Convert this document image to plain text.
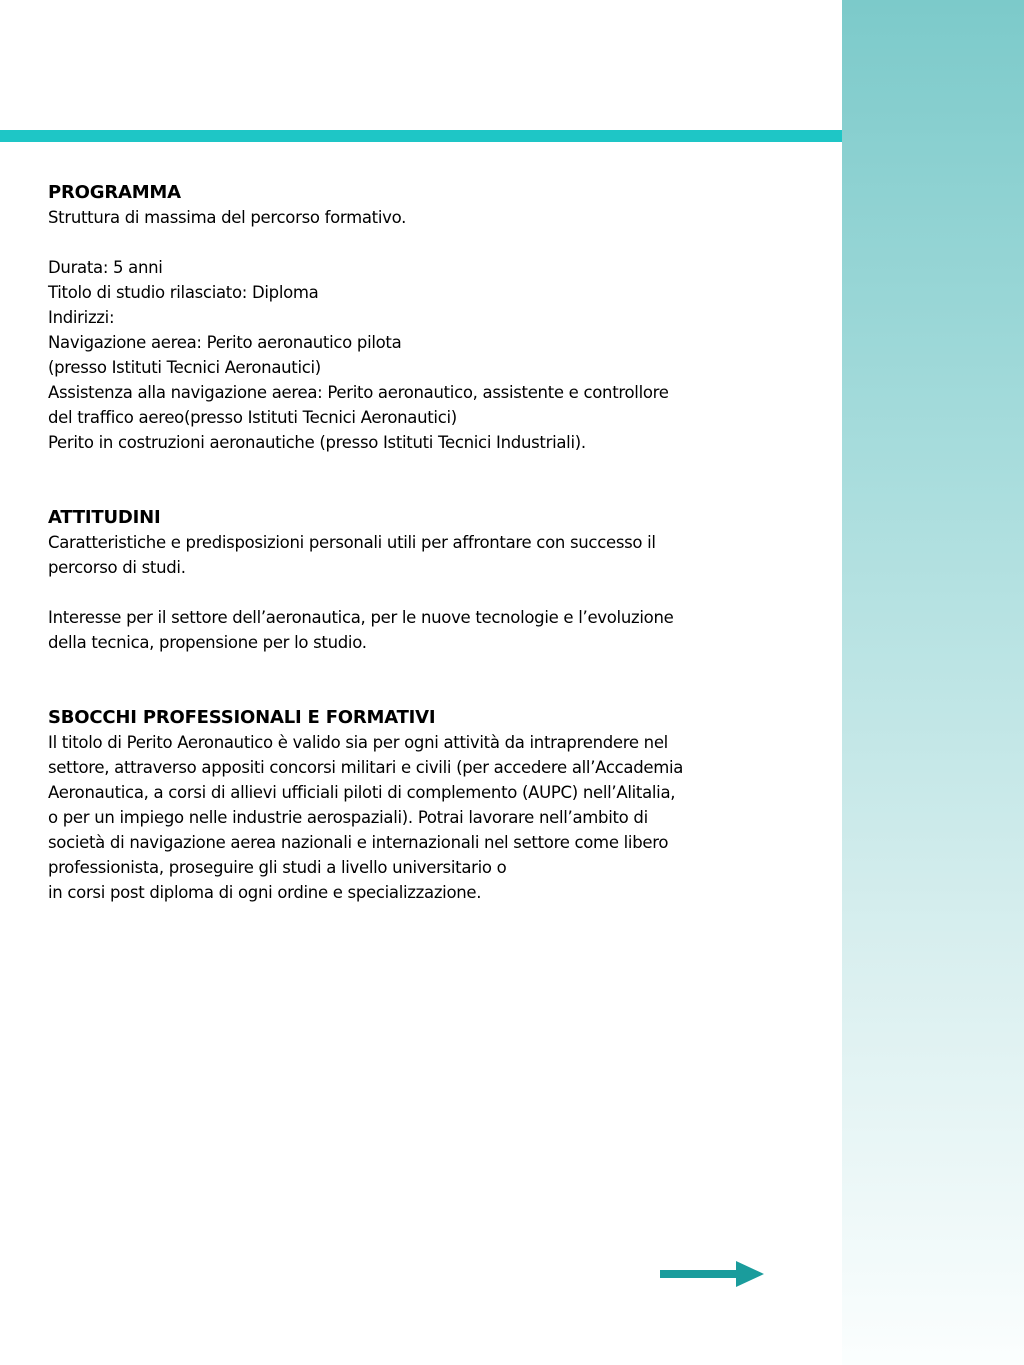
PROGRAMMA

Struttura di massima del percorso formativo.
Durata: 5 anni
Titolo di studio rilasciato: Diploma
Indirizzi:
Navigazione aerea: Perito aeronautico pilota
(presso Istituti Tecnici Aeronautici)
Assistenza alla navigazione aerea: Perito aeronautico, assistente e controllore
del traffico aereo(presso Istituti Tecnici Aeronautici)
Perito in costruzioni aeronautiche (presso Istituti Tecnici Industriali).

ATTITUDINI

Caratteristiche e predisposizioni personali utili per affrontare con successo il
percorso di studi.
Interesse per il settore dell’aeronautica, per le nuove tecnologie e l’evoluzione
della tecnica, propensione per lo studio.

SBOCCHI PROFESSIONALI E FORMATIVI

Il titolo di Perito Aeronautico è valido sia per ogni attività da intraprendere nel
settore, attraverso appositi concorsi militari e civili (per accedere all’Accademia
Aeronautica, a corsi di allievi ufficiali piloti di complemento (AUPC) nell’Alitalia,
o per un impiego nelle industrie aerospaziali). Potrai lavorare nell’ambito di
società di navigazione aerea nazionali e internazionali nel settore come libero
professionista, proseguire gli studi a livello universitario o
in corsi post diploma di ogni ordine e specializzazione.
